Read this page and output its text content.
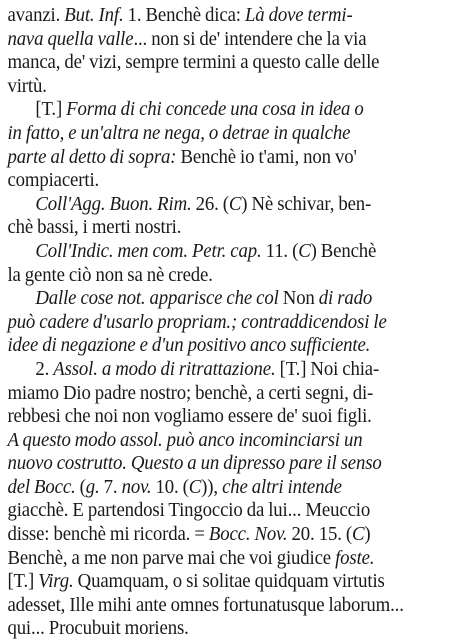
avanzi. But. Inf. 1. Benchè dica: Là dove termi-
nava quella valle... non si de' intendere che la via
manca, de' vizi, sempre termini a questo calle delle
virtù.
[T.] Forma di chi concede una cosa in idea o
in fatto, e un'altra ne nega, o detrae in qualche
parte al detto di sopra: Benchè io t'ami, non vo'
compiacerti.
Coll'Agg. Buon. Rim. 26. (C) Nè schivar, ben-
chè bassi, i merti nostri.
Coll'Indic. men com. Petr. cap. 11. (C) Benchè
la gente ciò non sa nè crede.
Dalle cose not. apparisce che col Non di rado
può cadere d'usarlo propriam.; contraddicendosi le
idee di negazione e d'un positivo anco sufficiente.
2. Assol. a modo di ritrattazione. [T.] Noi chia-
miamo Dio padre nostro; benchè, a certi segni, di-
rebbesi che noi non vogliamo essere de' suoi figli.
A questo modo assol. può anco incominciarsi un
nuovo costrutto. Questo a un dipresso pare il senso
del Bocc. (g. 7. nov. 10. (C)), che altri intende
giacchè. E partendosi Tingoccio da lui... Meuccio
disse: benchè mi ricorda. = Bocc. Nov. 20. 15. (C)
Benchè, a me non parve mai che voi giudice foste.
[T.] Virg. Quamquam, o si solitae quidquam virtutis
adesset, Ille mihi ante omnes fortunatusque laborum...
qui... Procubuit moriens.
